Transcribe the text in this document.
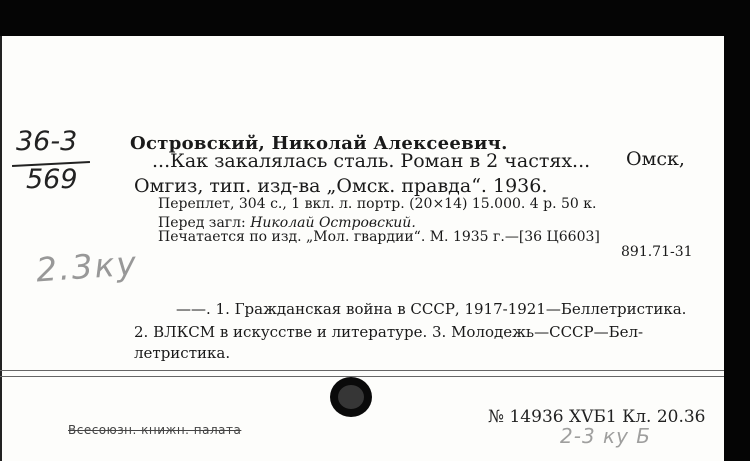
36-3
569
2.3ку
Островский, Николай Алексеевич.
...Как закалялась сталь. Роман в 2 частях... Омск,
Омгиз, тип. изд-ва „Омск. правда“. 1936.
Переплет, 304 с., 1 вкл. л. портр. (20×14) 15.000. 4 р. 50 к.
Перед загл: Николай Островский.
Печатается по изд. „Мол. гвардии“. М. 1935 г.—[36 Ц6603]
891.71-31
——. 1. Гражданская война в СССР, 1917-1921—Беллетристика.
2. ВЛКСМ в искусстве и литературе. 3. Молодежь—СССР—Бел-
летристика.
Всесоюзн. книжн. палата
№ 14936 XVБ1 Кл. 20.36
2-3 ку Б
